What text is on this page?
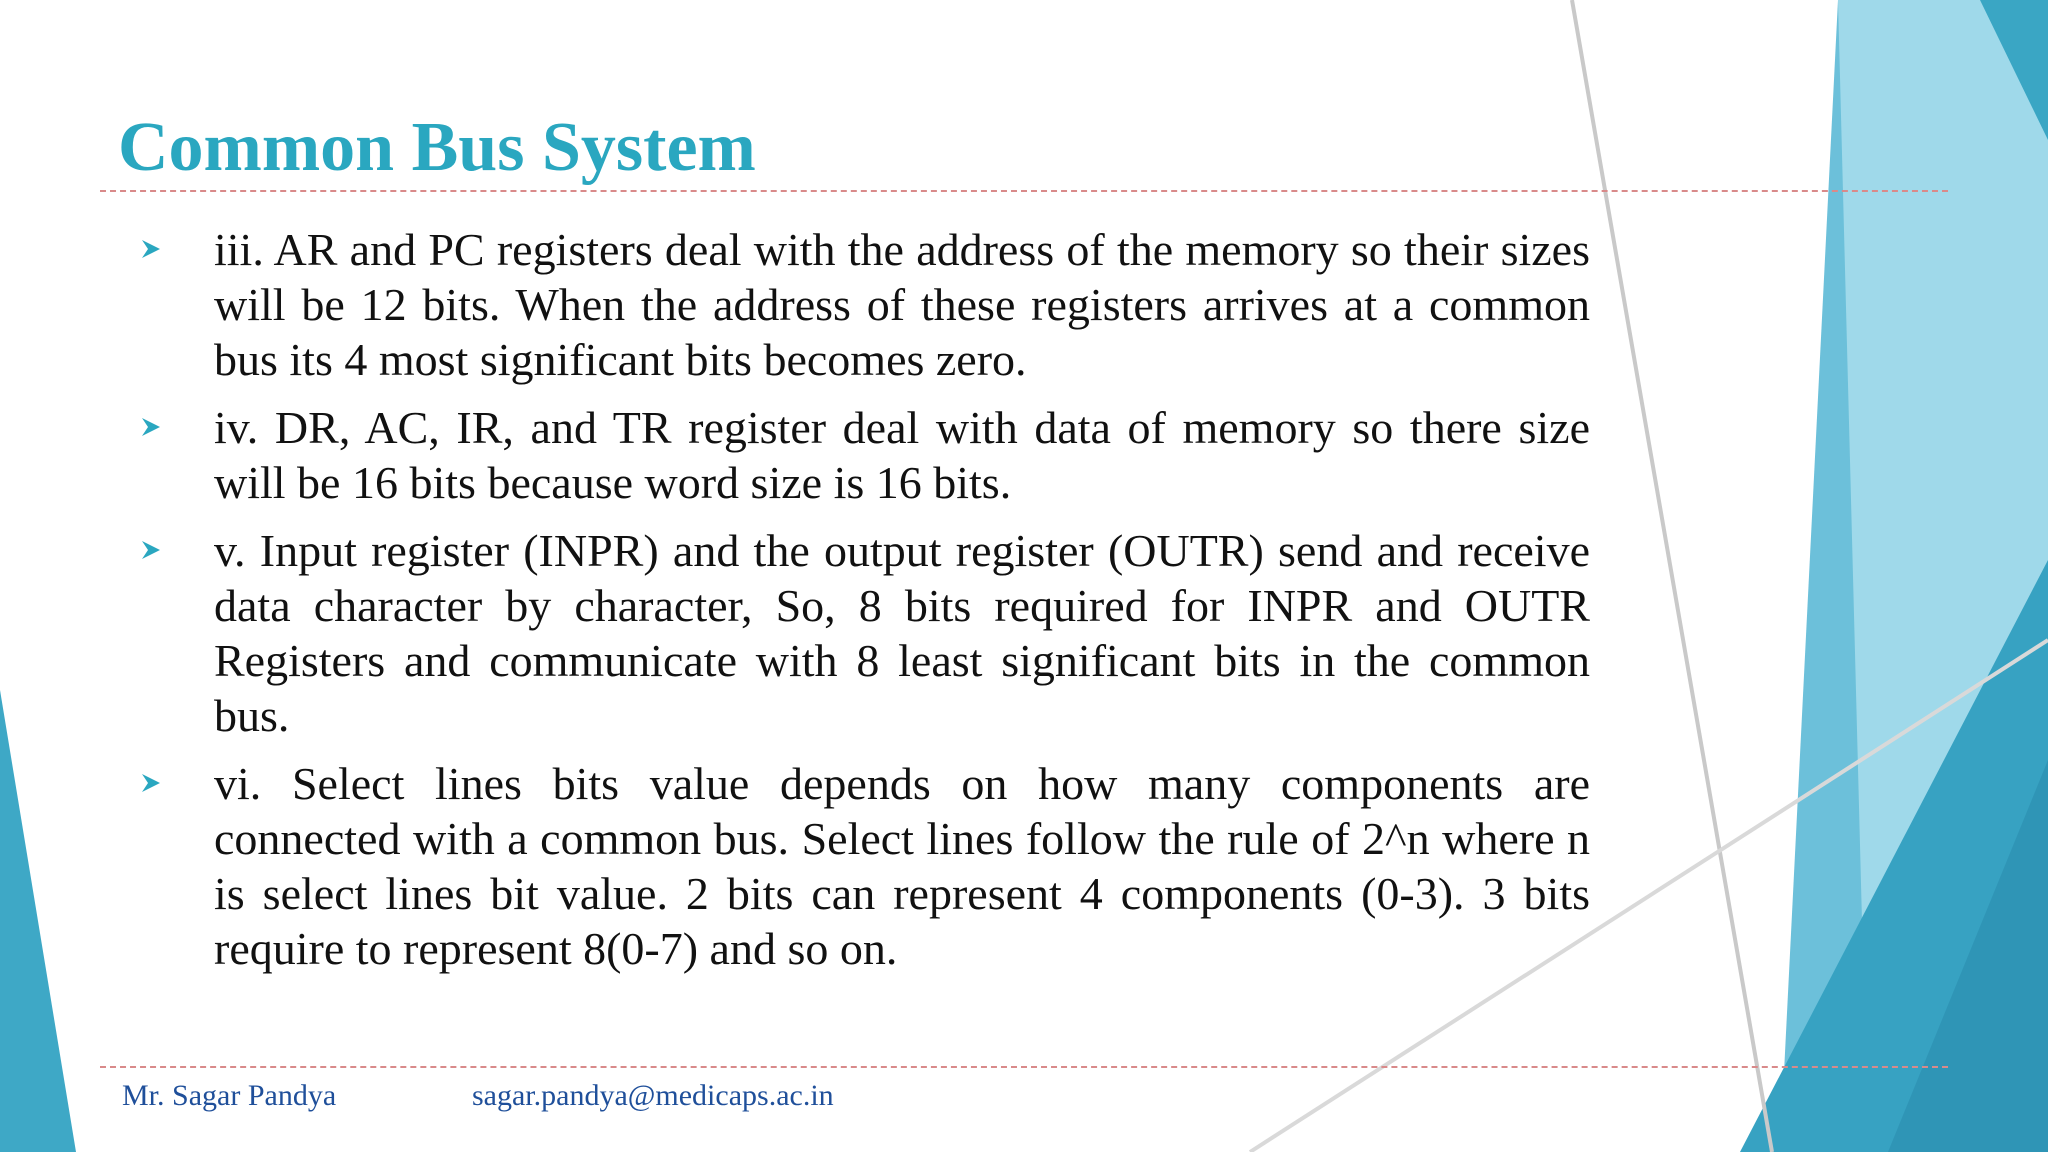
Common Bus System
iii. AR and PC registers deal with the address of the memory so their sizes will be 12 bits. When the address of these registers arrives at a common bus its 4 most significant bits becomes zero.
iv. DR, AC, IR, and TR register deal with data of memory so there size will be 16 bits because word size is 16 bits.
v. Input register (INPR) and the output register (OUTR) send and receive data character by character, So, 8 bits required for INPR and OUTR Registers and communicate with 8 least significant bits in the common bus.
vi. Select lines bits value depends on how many components are connected with a common bus. Select lines follow the rule of 2^n where n is select lines bit value. 2 bits can represent 4 components (0-3). 3 bits require to represent 8(0-7) and so on.
Mr. Sagar Pandya	sagar.pandya@medicaps.ac.in
